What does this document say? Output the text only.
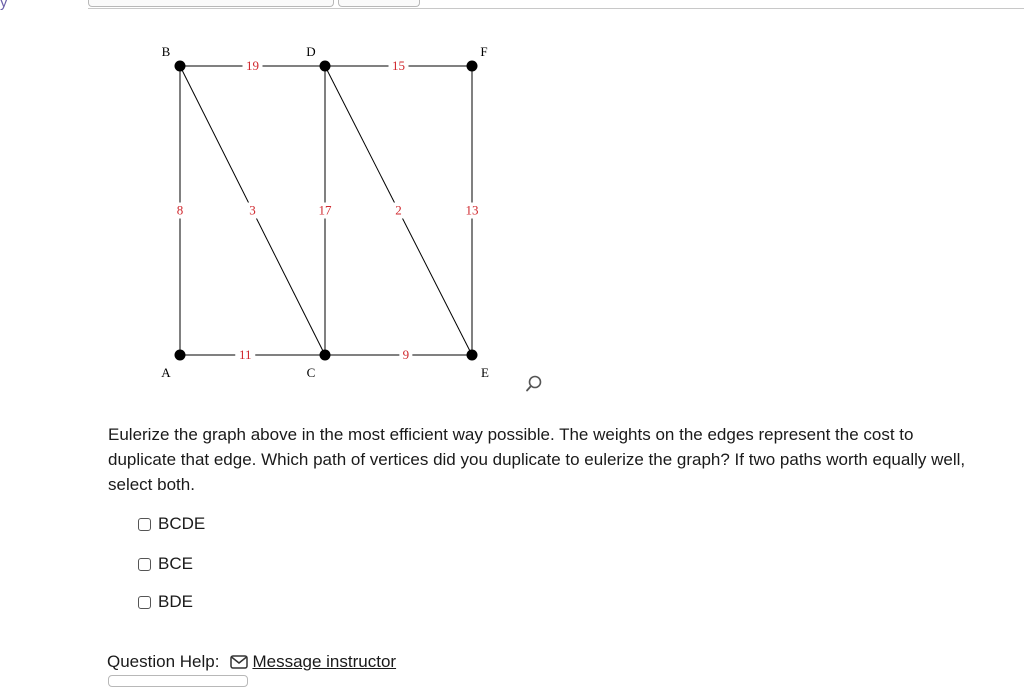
y
19	15
8	3	17	2	13
11	9
B	D	F
A	C	E

Eulerize the graph above in the most efficient way possible. The weights on the edges represent the cost to duplicate that edge. Which path of vertices did you duplicate to eulerize the graph? If two paths worth equally well, select both.

BCDE
BCE
BDE
Question Help: Message instructor
